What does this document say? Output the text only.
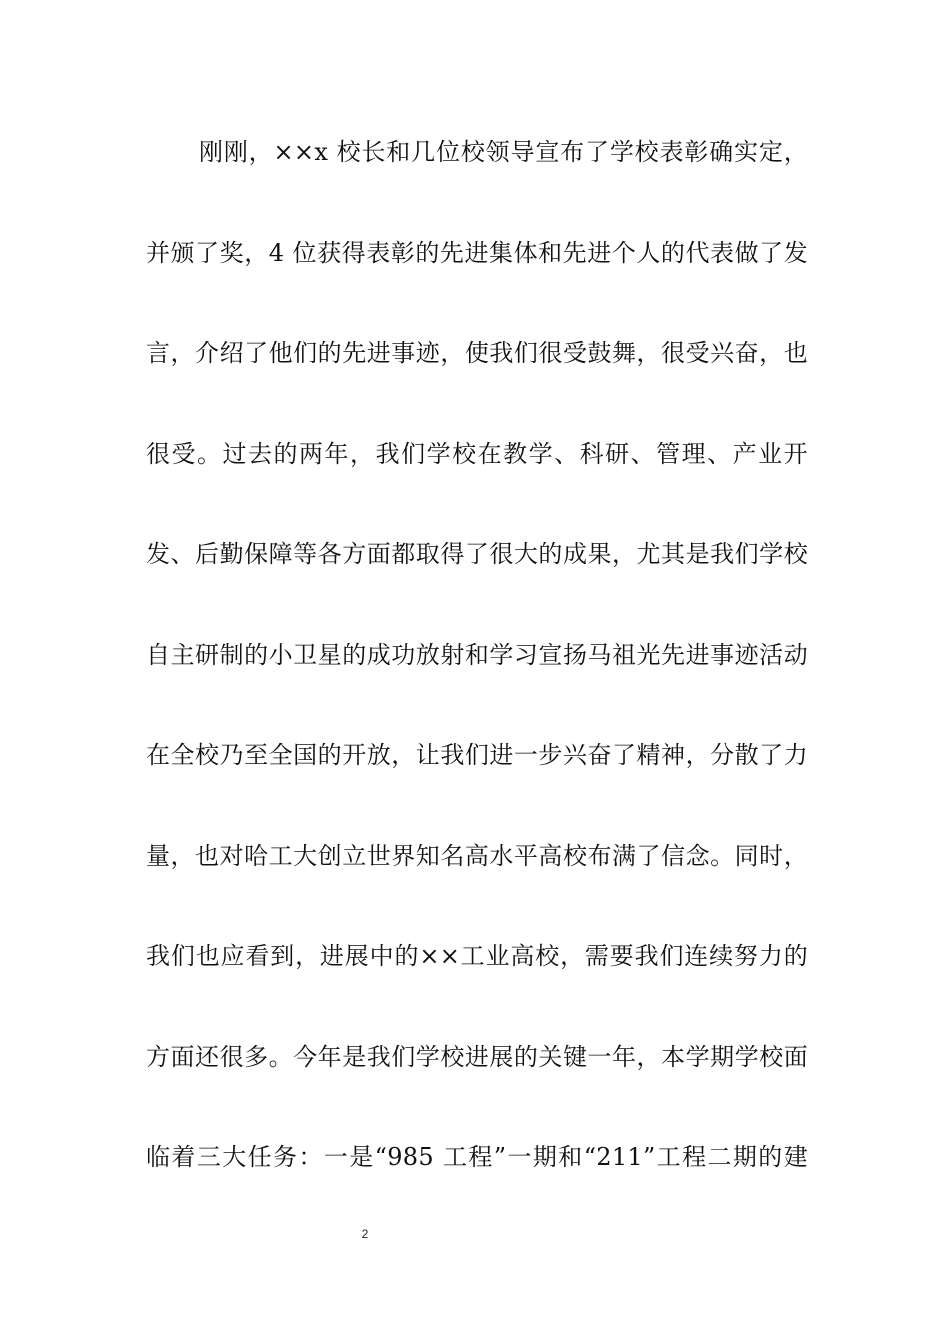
刚刚，××x 校长和几位校领导宣布了学校表彰确实定，
并颁了奖，4 位获得表彰的先进集体和先进个人的代表做了发
言，介绍了他们的先进事迹，使我们很受鼓舞，很受兴奋，也
很受。过去的两年，我们学校在教学、科研、管理、产业开
发、后勤保障等各方面都取得了很大的成果，尤其是我们学校
自主研制的小卫星的成功放射和学习宣扬马祖光先进事迹活动
在全校乃至全国的开放，让我们进一步兴奋了精神，分散了力
量，也对哈工大创立世界知名高水平高校布满了信念。同时，
我们也应看到，进展中的××工业高校，需要我们连续努力的
方面还很多。今年是我们学校进展的关键一年，本学期学校面
临着三大任务：一是“985 工程”一期和“211”工程二期的建
2
